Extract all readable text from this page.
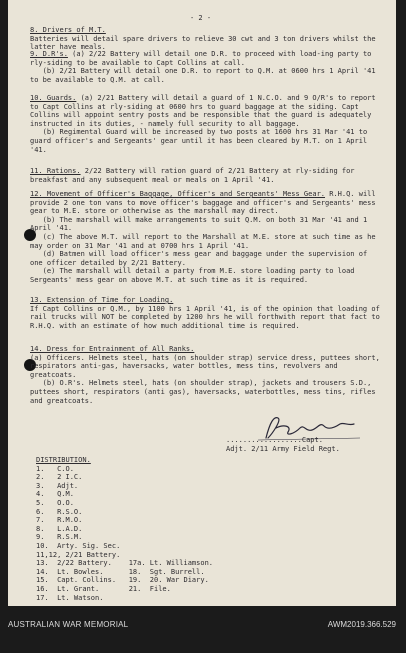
- 2 -
8. Drivers of M.T.
Batteries will detail spare drivers to relieve 30 cwt and 3 ton drivers whilst the latter have meals.
9. D.R's. (a) 2/22 Battery will detail one D.R. to proceed with load-ing party to rly-siding to be available to Capt Collins at call.
(b) 2/21 Battery will detail one D.R. to report to Q.M. at 0600 hrs 1 April '41 to be available to Q.M. at call.
10. Guards. (a) 2/21 Battery will detail a guard of 1 N.C.O. and 9 O/R's to report to Capt Collins at rly-siding at 0600 hrs to guard baggage at the siding. Capt Collins will appoint sentry posts and be responsible that the guard is adequately instructed in its duties, - namely full security to all baggage.
(b) Regimental Guard will be increased by two posts at 1600 hrs 31 Mar '41 to guard officer's and Sergeants' gear until it has been cleared by M.T. on 1 April '41.
11. Rations. 2/22 Battery will ration guard of 2/21 Battery at rly-siding for breakfast and any subsequent meal or meals on 1 April '41.
12. Movement of Officer's Baggage, Officer's and Sergeants' Mess Gear. R.H.Q. will provide 2 one ton vans to move officer's baggage and officer's and Sergeants' mess gear to M.E. store or otherwise as the marshall may direct.
(b) The marshall will make arrangements to suit Q.M. on both 31 Mar '41 and 1 April '41.
(c) The above M.T. will report to the Marshall at M.E. store at such time as he may order on 31 Mar '41 and at 0700 hrs 1 April '41.
(d) Batmen will load officer's mess gear and baggage under the supervision of one officer detailed by 2/21 Battery.
(e) The marshall will detail a party from M.E. store loading party to load Sergeants' mess gear on above M.T. at such time as it is required.
13. Extension of Time for Loading.
If Capt Collins or Q.M., by 1100 hrs 1 April '41, is of the opinion that loading of rail trucks will NOT be completed by 1200 hrs he will forthwith report that fact to R.H.Q. with an estimate of how much additional time is required.
14. Dress for Entrainment of All Ranks.
(a) Officers. Helmets steel, hats (on shoulder strap) service dress, puttees short, respirators anti-gas, haversacks, water bottles, mess tins, revolvers and greatcoats.
(b) O.R's. Helmets steel, hats (on shoulder strap), jackets and trousers S.D., puttees short, respirators (anti gas), haversacks, waterbottles, mess tins, rifles and greatcoats.
..................Capt.
Adjt. 2/11 Army Field Regt.
DISTRIBUTION.
1.   C.O.
2.   2 I.C.
3.   Adjt.
4.   Q.M.
5.   O.O.
6.   R.S.O.
7.   R.M.O.
8.   L.A.D.
9.   R.S.M.
10.  Arty. Sig. Sec.
11,12, 2/21 Battery.
13.  2/22 Battery.    17a. Lt. Williamson.
14.  Lt. Bowles.      18.  Sgt. Burrell.
15.  Capt. Collins.   19.  20. War Diary.
16.  Lt. Grant.       21.  File.
17.  Lt. Watson.
AUSTRALIAN WAR MEMORIAL	AWM2019.366.529
